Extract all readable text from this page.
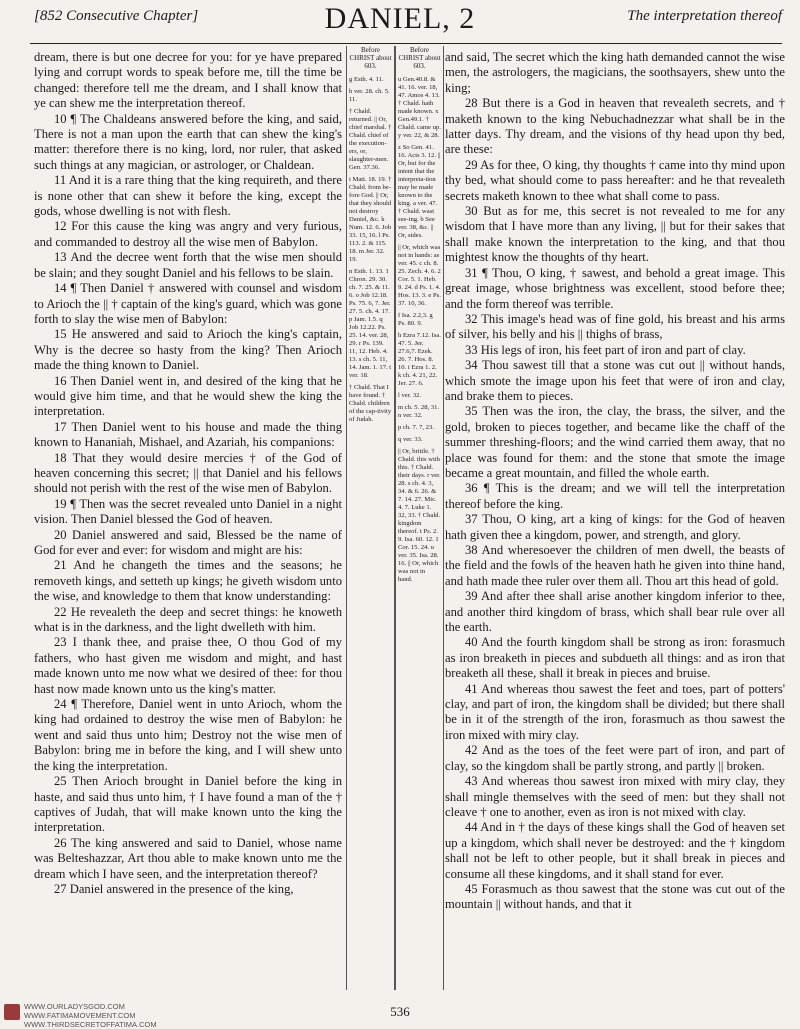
[852 Consecutive Chapter]	DANIEL, 2	The interpretation thereof

dream, there is but one decree for you: for ye have prepared lying and corrupt words to speak before me, till the time be changed: therefore tell me the dream, and I shall know that ye can shew me the interpretation thereof.

10 ¶ The Chaldeans answered before the king, and said, There is not a man upon the earth that can shew the king's matter: therefore there is no king, lord, nor ruler, that asked such things at any magician, or astrologer, or Chaldean.

11 And it is a rare thing that the king requireth, and there is none other that can shew it before the king, except the gods, whose dwelling is not with flesh.

12 For this cause the king was angry and very furious, and commanded to destroy all the wise men of Babylon.

13 And the decree went forth that the wise men should be slain; and they sought Daniel and his fellows to be slain.

14 ¶ Then Daniel † answered with counsel and wisdom to Arioch the || † captain of the king's guard, which was gone forth to slay the wise men of Babylon:

15 He answered and said to Arioch the king's captain, Why is the decree so hasty from the king? Then Arioch made the thing known to Daniel.

16 Then Daniel went in, and desired of the king that he would give him time, and that he would shew the king the interpretation.

17 Then Daniel went to his house and made the thing known to Hananiah, Mishael, and Azariah, his companions:

18 That they would desire mercies † of the God of heaven concerning this secret; || that Daniel and his fellows should not perish with the rest of the wise men of Babylon.

19 ¶ Then was the secret revealed unto Daniel in a night vision. Then Daniel blessed the God of heaven.

20 Daniel answered and said, Blessed be the name of God for ever and ever: for wisdom and might are his:

21 And he changeth the times and the seasons; he removeth kings, and setteth up kings; he giveth wisdom unto the wise, and knowledge to them that know understanding:

22 He revealeth the deep and secret things: he knoweth what is in the darkness, and the light dwelleth with him.

23 I thank thee, and praise thee, O thou God of my fathers, who hast given me wisdom and might, and hast made known unto me now what we desired of thee: for thou hast now made known unto us the king's matter.

24 ¶ Therefore, Daniel went in unto Arioch, whom the king had ordained to destroy the wise men of Babylon: he went and said thus unto him; Destroy not the wise men of Babylon: bring me in before the king, and I will shew unto the king the interpretation.

25 Then Arioch brought in Daniel before the king in haste, and said thus unto him, † I have found a man of the † captives of Judah, that will make known unto the king the interpretation.

26 The king answered and said to Daniel, whose name was Belteshazzar, Art thou able to make known unto me the dream which I have seen, and the interpretation thereof?

27 Daniel answered in the presence of the king,

Before CHRIST about 603.
g Esth. 4. 11.
h ver. 28. ch. 5. 11.
† Chald. returned. || Or, chief marshal. † Chald. chief of the execution-ers, or, slaughter-men. Gen. 37.36.
i Matt. 18. 19. † Chald. from be-fore God. || Or, that they should not destroy Daniel, &c. k Num. 12. 6. Job 33. 15, 16. l Ps. 113. 2. & 115. 18. m Jer. 32. 19.
n Esth. 1. 13. 1 Chron. 29. 30. ch. 7. 25. & 11. 6. o Job 12.18. Ps. 75. 6, 7. Jer. 27. 5. ch. 4. 17. p Jam. 1.5. q Job 12.22. Ps. 25. 14. ver. 28, 29. r Ps. 139. 11, 12. Heb. 4. 13. s ch. 5. 11, 14. Jam. 1. 17. t ver. 18.
† Chald. That I have found. † Chald. children of the cap-tivity of Judah.
Before CHRIST about 603.
u Gen.40.8. & 41. 16. ver. 18, 47. Amos 4. 13. † Chald. hath made known. x Gen.49.1. † Chald. came up. y ver. 22, & 28.
z So Gen. 41. 16. Acts 3. 12. || Or, but for the intent that the interpreta-tion may be made known to the king. a ver. 47. † Chald. wast see-ing. b See ver. 38, &c. || Or, sides.
|| Or, which was not in hands: as ver. 45. c ch. 8. 25. Zech. 4. 6. 2 Cor. 5. 1. Heb. 9. 24. d Ps. 1. 4. Hos. 13. 3. e Ps. 37. 10, 36.
f Isa. 2.2,3. g Ps. 80. 9.
h Ezra 7.12. Isa. 47. 5. Jer. 27.6,7. Ezek. 26. 7. Hos. 8. 10. i Ezra 1. 2. k ch. 4. 21, 22. Jer. 27. 6.
l ver. 32.
m ch. 5. 28, 31. n ver. 32.
p ch. 7. 7, 23.
q ver. 33.
|| Or, brittle. † Chald. this with this. † Chald. their days. r ver. 28. s ch. 4. 3, 34. & 6. 26. & 7. 14. 27. Mic. 4. 7. Luke 1. 32, 33. † Chald. kingdom thereof. t Ps. 2. 9. Isa. 60. 12. 1 Cor. 15. 24. u ver. 35. Isa. 28. 16. || Or, which was not in hand.

and said, The secret which the king hath demanded cannot the wise men, the astrologers, the magicians, the soothsayers, shew unto the king;

28 But there is a God in heaven that revealeth secrets, and † maketh known to the king Nebuchadnezzar what shall be in the latter days. Thy dream, and the visions of thy head upon thy bed, are these:

29 As for thee, O king, thy thoughts † came into thy mind upon thy bed, what should come to pass hereafter: and he that revealeth secrets maketh known to thee what shall come to pass.

30 But as for me, this secret is not revealed to me for any wisdom that I have more than any living, || but for their sakes that shall make known the interpretation to the king, and that thou mightest know the thoughts of thy heart.

31 ¶ Thou, O king, † sawest, and behold a great image. This great image, whose brightness was excellent, stood before thee; and the form thereof was terrible.

32 This image's head was of fine gold, his breast and his arms of silver, his belly and his || thighs of brass,

33 His legs of iron, his feet part of iron and part of clay.

34 Thou sawest till that a stone was cut out || without hands, which smote the image upon his feet that were of iron and clay, and brake them to pieces.

35 Then was the iron, the clay, the brass, the silver, and the gold, broken to pieces together, and became like the chaff of the summer threshing-floors; and the wind carried them away, that no place was found for them: and the stone that smote the image became a great mountain, and filled the whole earth.

36 ¶ This is the dream; and we will tell the interpretation thereof before the king.

37 Thou, O king, art a king of kings: for the God of heaven hath given thee a kingdom, power, and strength, and glory.

38 And wheresoever the children of men dwell, the beasts of the field and the fowls of the heaven hath he given into thine hand, and hath made thee ruler over them all. Thou art this head of gold.

39 And after thee shall arise another kingdom inferior to thee, and another third kingdom of brass, which shall bear rule over all the earth.

40 And the fourth kingdom shall be strong as iron: forasmuch as iron breaketh in pieces and subdueth all things: and as iron that breaketh all these, shall it break in pieces and bruise.

41 And whereas thou sawest the feet and toes, part of potters' clay, and part of iron, the kingdom shall be divided; but there shall be in it of the strength of the iron, forasmuch as thou sawest the iron mixed with miry clay.

42 And as the toes of the feet were part of iron, and part of clay, so the kingdom shall be partly strong, and partly || broken.

43 And whereas thou sawest iron mixed with miry clay, they shall mingle themselves with the seed of men: but they shall not cleave † one to another, even as iron is not mixed with clay.

44 And in † the days of these kings shall the God of heaven set up a kingdom, which shall never be destroyed: and the † kingdom shall not be left to other people, but it shall break in pieces and consume all these kingdoms, and it shall stand for ever.

45 Forasmuch as thou sawest that the stone was cut out of the mountain || without hands, and that it

WWW.OURLADYSGOD.COM
WWW.FATIMAMOVEMENT.COM
WWW.THIRDSECRETOFFATIMA.COM
536
